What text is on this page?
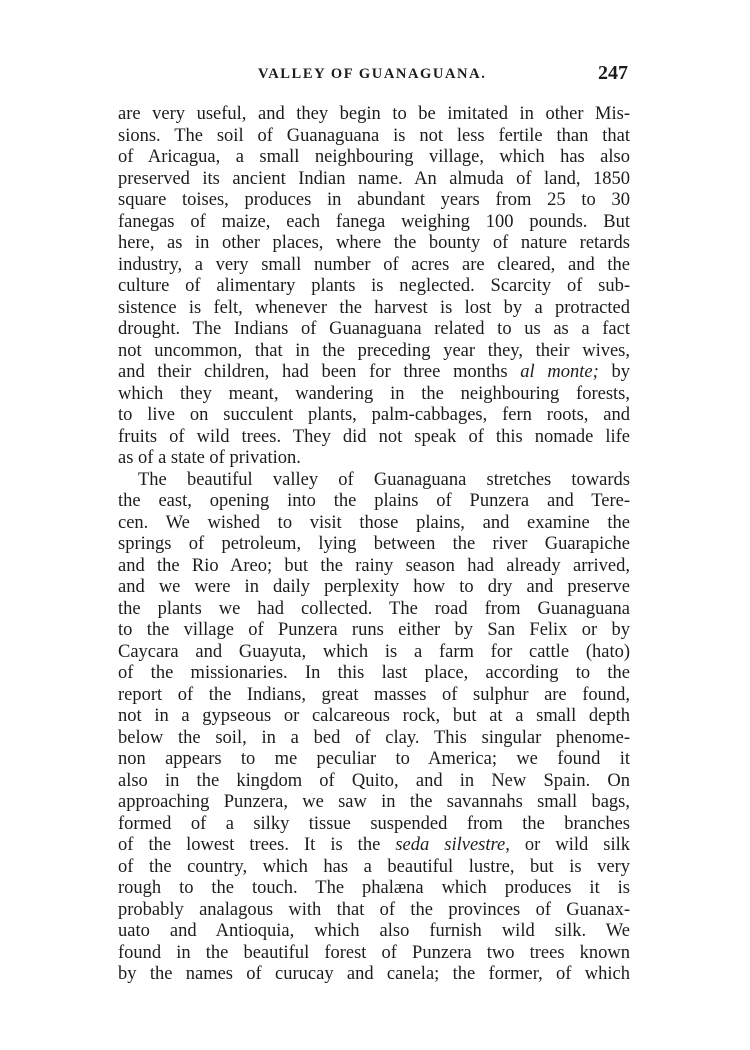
VALLEY OF GUANAGUANA.	247
are very useful, and they begin to be imitated in other Mis-
sions. The soil of Guanaguana is not less fertile than that
of Aricagua, a small neighbouring village, which has also
preserved its ancient Indian name. An almuda of land, 1850
square toises, produces in abundant years from 25 to 30
fanegas of maize, each fanega weighing 100 pounds. But
here, as in other places, where the bounty of nature retards
industry, a very small number of acres are cleared, and the
culture of alimentary plants is neglected. Scarcity of sub-
sistence is felt, whenever the harvest is lost by a protracted
drought. The Indians of Guanaguana related to us as a fact
not uncommon, that in the preceding year they, their wives,
and their children, had been for three months al monte; by
which they meant, wandering in the neighbouring forests,
to live on succulent plants, palm-cabbages, fern roots, and
fruits of wild trees. They did not speak of this nomade life
as of a state of privation.
The beautiful valley of Guanaguana stretches towards
the east, opening into the plains of Punzera and Tere-
cen. We wished to visit those plains, and examine the
springs of petroleum, lying between the river Guarapiche
and the Rio Areo; but the rainy season had already arrived,
and we were in daily perplexity how to dry and preserve
the plants we had collected. The road from Guanaguana
to the village of Punzera runs either by San Felix or by
Caycara and Guayuta, which is a farm for cattle (hato)
of the missionaries. In this last place, according to the
report of the Indians, great masses of sulphur are found,
not in a gypseous or calcareous rock, but at a small depth
below the soil, in a bed of clay. This singular phenome-
non appears to me peculiar to America; we found it
also in the kingdom of Quito, and in New Spain. On
approaching Punzera, we saw in the savannahs small bags,
formed of a silky tissue suspended from the branches
of the lowest trees. It is the seda silvestre, or wild silk
of the country, which has a beautiful lustre, but is very
rough to the touch. The phalæna which produces it is
probably analagous with that of the provinces of Guanax-
uato and Antioquia, which also furnish wild silk. We
found in the beautiful forest of Punzera two trees known
by the names of curucay and canela; the former, of which
